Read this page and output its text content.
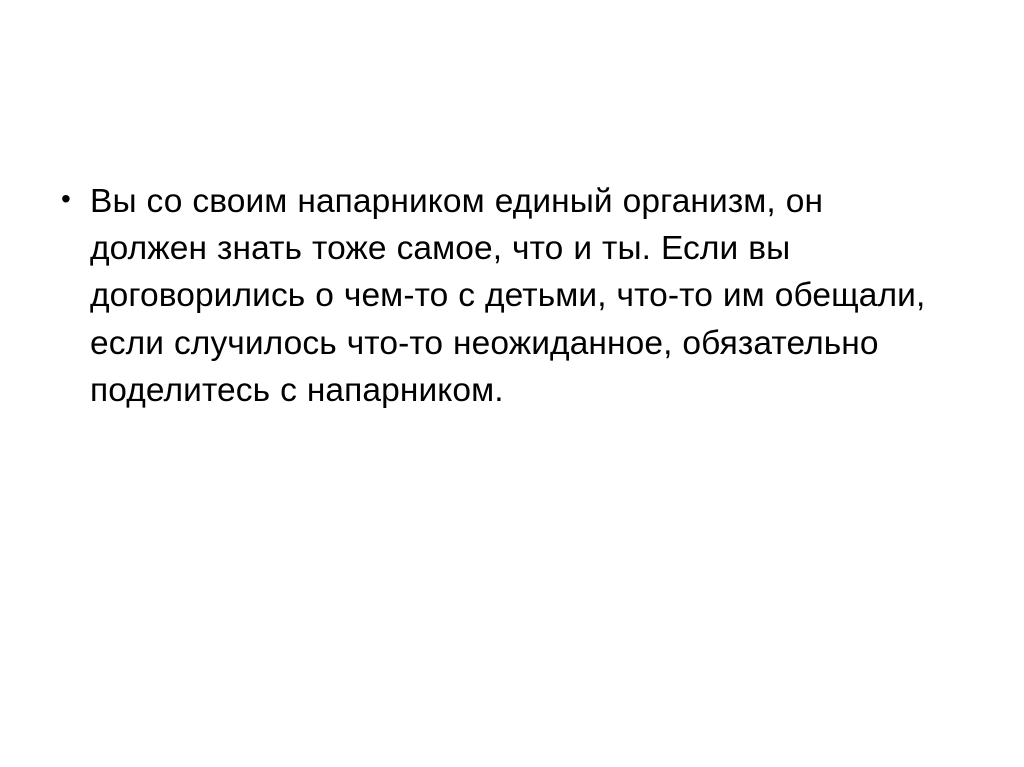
• Вы со своим напарником единый организм, он должен знать тоже самое, что и ты. Если вы договорились о чем-то с детьми, что-то им обещали, если случилось что-то неожиданное, обязательно поделитесь с напарником.
